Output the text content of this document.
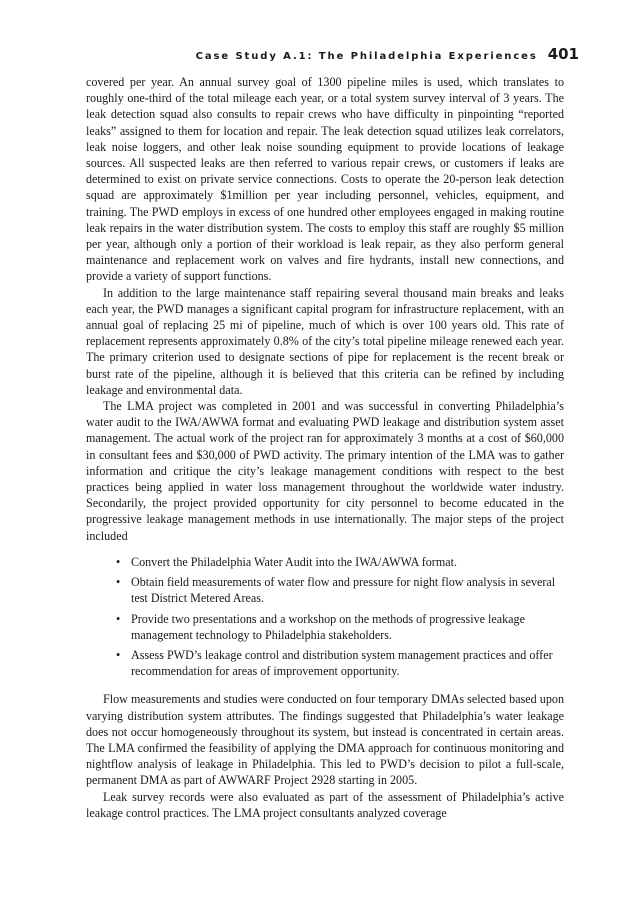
Case Study A.1: The Philadelphia Experiences 401

covered per year. An annual survey goal of 1300 pipeline miles is used, which translates to roughly one-third of the total mileage each year, or a total system survey interval of 3 years. The leak detection squad also consults to repair crews who have difficulty in pinpointing “reported leaks” assigned to them for location and repair. The leak detection squad utilizes leak correlators, leak noise loggers, and other leak noise sounding equipment to provide locations of leakage sources. All suspected leaks are then referred to various repair crews, or customers if leaks are determined to exist on private service connections. Costs to operate the 20-person leak detection squad are approximately $1million per year including personnel, vehicles, equipment, and training. The PWD employs in excess of one hundred other employees engaged in making routine leak repairs in the water distribution system. The costs to employ this staff are roughly $5 million per year, although only a portion of their workload is leak repair, as they also perform general maintenance and replacement work on valves and fire hydrants, install new connections, and provide a variety of support functions.

In addition to the large maintenance staff repairing several thousand main breaks and leaks each year, the PWD manages a significant capital program for infrastructure replacement, with an annual goal of replacing 25 mi of pipeline, much of which is over 100 years old. This rate of replacement represents approximately 0.8% of the city’s total pipeline mileage renewed each year. The primary criterion used to designate sections of pipe for replacement is the recent break or burst rate of the pipeline, although it is believed that this criteria can be refined by including leakage and environmental data.

The LMA project was completed in 2001 and was successful in converting Philadelphia’s water audit to the IWA/AWWA format and evaluating PWD leakage and distribution system asset management. The actual work of the project ran for approximately 3 months at a cost of $60,000 in consultant fees and $30,000 of PWD activity. The primary intention of the LMA was to gather information and critique the city’s leakage management conditions with respect to the best practices being applied in water loss management throughout the worldwide water industry. Secondarily, the project provided opportunity for city personnel to become educated in the progressive leakage management methods in use internationally. The major steps of the project included

• Convert the Philadelphia Water Audit into the IWA/AWWA format.
• Obtain field measurements of water flow and pressure for night flow analysis in several test District Metered Areas.
• Provide two presentations and a workshop on the methods of progressive leakage management technology to Philadelphia stakeholders.
• Assess PWD’s leakage control and distribution system management practices and offer recommendation for areas of improvement opportunity.

Flow measurements and studies were conducted on four temporary DMAs selected based upon varying distribution system attributes. The findings suggested that Philadelphia’s water leakage does not occur homogeneously throughout its system, but instead is concentrated in certain areas. The LMA confirmed the feasibility of applying the DMA approach for continuous monitoring and nightflow analysis of leakage in Philadelphia. This led to PWD’s decision to pilot a full-scale, permanent DMA as part of AWWARF Project 2928 starting in 2005.

Leak survey records were also evaluated as part of the assessment of Philadelphia’s active leakage control practices. The LMA project consultants analyzed coverage
